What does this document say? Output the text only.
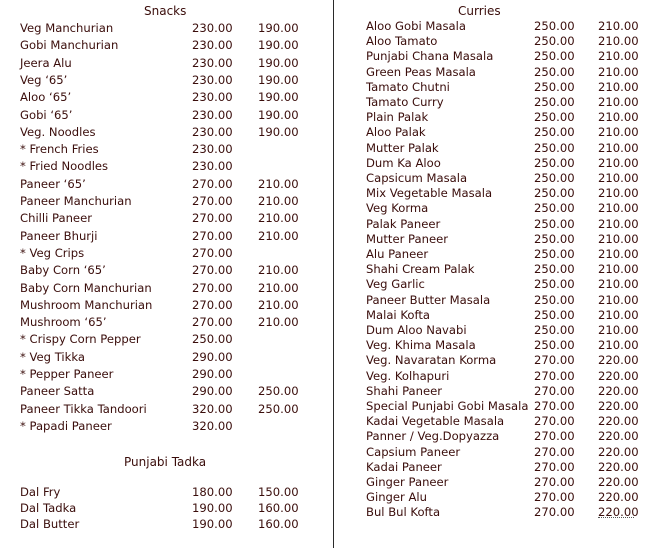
Snacks
Veg Manchurian	230.00 190.00
Gobi Manchurian	230.00 190.00
Jeera Alu	230.00 190.00
Veg ‘65’	230.00 190.00
Aloo ‘65’	230.00 190.00
Gobi ‘65’	230.00 190.00
Veg. Noodles	230.00 190.00
* French Fries	230.00
* Fried Noodles	230.00
Paneer ‘65’	270.00 210.00
Paneer Manchurian	270.00 210.00
Chilli Paneer	270.00 210.00
Paneer Bhurji	270.00 210.00
* Veg Crips	270.00
Baby Corn ‘65’	270.00 210.00
Baby Corn Manchurian	270.00 210.00
Mushroom Manchurian	270.00 210.00
Mushroom ‘65’	270.00 210.00
* Crispy Corn Pepper	250.00
* Veg Tikka	290.00
* Pepper Paneer	290.00
Paneer Satta	290.00 250.00
Paneer Tikka Tandoori	320.00 250.00
* Papadi Paneer	320.00
Punjabi Tadka
Dal Fry	180.00 150.00
Dal Tadka	190.00 160.00
Dal Butter	190.00 160.00
Curries
Aloo Gobi Masala	250.00 210.00
Aloo Tamato	250.00 210.00
Punjabi Chana Masala	250.00 210.00
Green Peas Masala	250.00 210.00
Tamato Chutni	250.00 210.00
Tamato Curry	250.00 210.00
Plain Palak	250.00 210.00
Aloo Palak	250.00 210.00
Mutter Palak	250.00 210.00
Dum Ka Aloo	250.00 210.00
Capsicum Masala	250.00 210.00
Mix Vegetable Masala	250.00 210.00
Veg Korma	250.00 210.00
Palak Paneer	250.00 210.00
Mutter Paneer	250.00 210.00
Alu Paneer	250.00 210.00
Shahi Cream Palak	250.00 210.00
Veg Garlic	250.00 210.00
Paneer Butter Masala	250.00 210.00
Malai Kofta	250.00 210.00
Dum Aloo Navabi	250.00 210.00
Veg. Khima Masala	250.00 210.00
Veg. Navaratan Korma	270.00 220.00
Veg. Kolhapuri	270.00 220.00
Shahi Paneer	270.00 220.00
Special Punjabi Gobi Masala 270.00 220.00
Kadai Vegetable Masala	270.00 220.00
Panner / Veg.Dopyazza	270.00 220.00
Capsium Paneer	270.00 220.00
Kadai Paneer	270.00 220.00
Ginger Paneer	270.00 220.00
Ginger Alu	270.00 220.00
Bul Bul Kofta	270.00 220.00
